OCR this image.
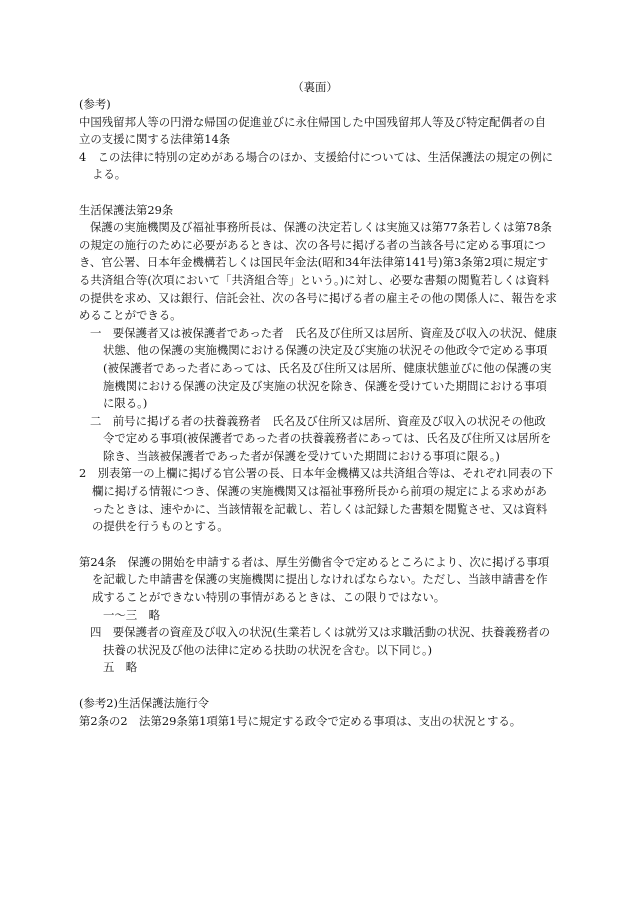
（裏面）

(参考)

中国残留邦人等の円滑な帰国の促進並びに永住帰国した中国残留邦人等及び特定配偶者の自立の支援に関する法律第14条

4　この法律に特別の定めがある場合のほか、支援給付については、生活保護法の規定の例による。

生活保護法第29条

保護の実施機関及び福祉事務所長は、保護の決定若しくは実施又は第77条若しくは第78条の規定の施行のために必要があるときは、次の各号に掲げる者の当該各号に定める事項につき、官公署、日本年金機構若しくは国民年金法(昭和34年法律第141号)第3条第2項に規定する共済組合等(次項において「共済組合等」という。)に対し、必要な書類の閲覧若しくは資料の提供を求め、又は銀行、信託会社、次の各号に掲げる者の雇主その他の関係人に、報告を求めることができる。

一　要保護者又は被保護者であった者　氏名及び住所又は居所、資産及び収入の状況、健康状態、他の保護の実施機関における保護の決定及び実施の状況その他政令で定める事項(被保護者であった者にあっては、氏名及び住所又は居所、健康状態並びに他の保護の実施機関における保護の決定及び実施の状況を除き、保護を受けていた期間における事項に限る。)

二　前号に掲げる者の扶養義務者　氏名及び住所又は居所、資産及び収入の状況その他政令で定める事項(被保護者であった者の扶養義務者にあっては、氏名及び住所又は居所を除き、当該被保護者であった者が保護を受けていた期間における事項に限る。)

2　別表第一の上欄に掲げる官公署の長、日本年金機構又は共済組合等は、それぞれ同表の下欄に掲げる情報につき、保護の実施機関又は福祉事務所長から前項の規定による求めがあったときは、速やかに、当該情報を記載し、若しくは記録した書類を閲覧させ、又は資料の提供を行うものとする。

第24条　保護の開始を申請する者は、厚生労働省令で定めるところにより、次に掲げる事項を記載した申請書を保護の実施機関に提出しなければならない。ただし、当該申請書を作成することができない特別の事情があるときは、この限りではない。

一～三　略

四　要保護者の資産及び収入の状況(生業若しくは就労又は求職活動の状況、扶養義務者の扶養の状況及び他の法律に定める扶助の状況を含む。以下同じ。)

五　略

(参考2)生活保護法施行令

第2条の2　法第29条第1項第1号に規定する政令で定める事項は、支出の状況とする。
